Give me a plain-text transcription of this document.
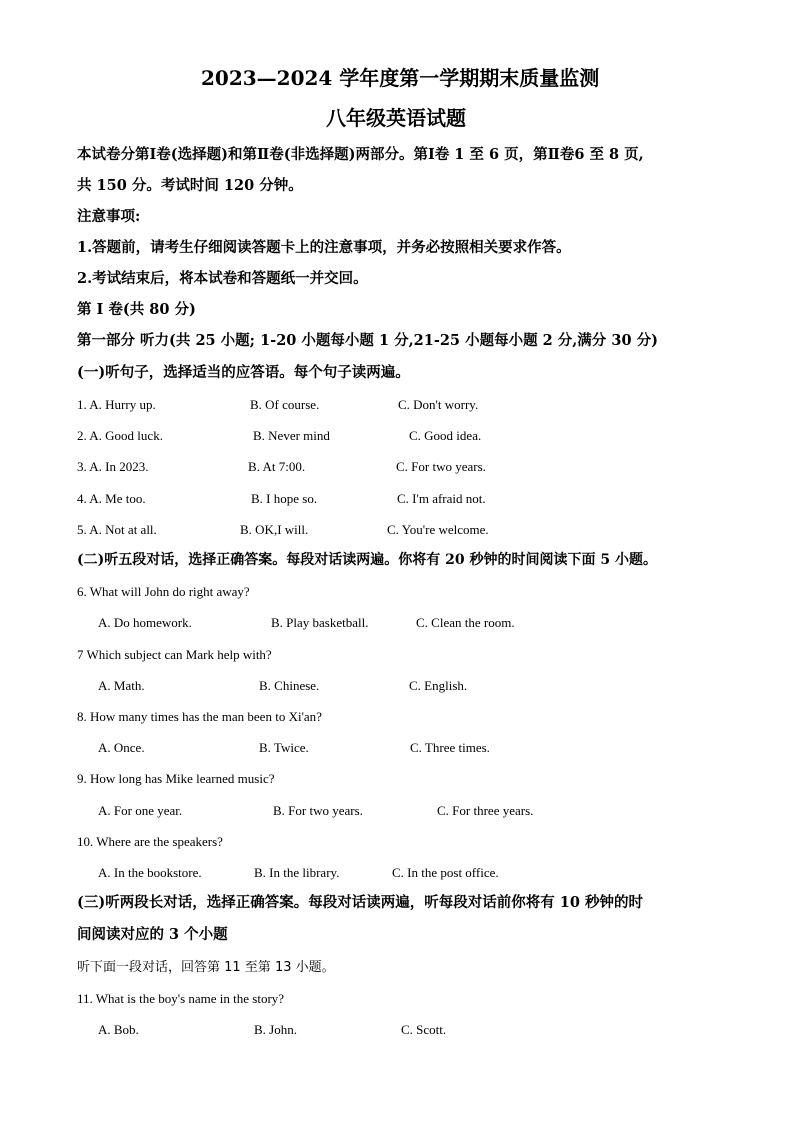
2023—2024 学年度第一学期期末质量监测
八年级英语试题
本试卷分第Ⅰ卷(选择题)和第Ⅱ卷(非选择题)两部分。第Ⅰ卷 1 至 6 页，第Ⅱ卷6 至 8 页,
共 150 分。考试时间 120 分钟。
注意事项:
1.答题前，请考生仔细阅读答题卡上的注意事项，并务必按照相关要求作答。
2.考试结束后，将本试卷和答题纸一并交回。
第 Ⅰ 卷(共 80 分)
第一部分 听力(共 25 小题; 1-20 小题每小题 1 分,21-25 小题每小题 2 分,满分 30 分)
(一)听句子，选择适当的应答语。每个句子读两遍。
1. A. Hurry up.	B. Of course.	C. Don't worry.
2. A. Good luck.	B. Never mind	C. Good idea.
3. A. In 2023.	B. At 7:00.	C. For two years.
4. A. Me too.	B. I hope so.	C. I'm afraid not.
5. A. Not at all.	B. OK,I will.	C. You're welcome.
(二)听五段对话，选择正确答案。每段对话读两遍。你将有 20 秒钟的时间阅读下面 5 小题。
6. What will John do right away?
A. Do homework.	B. Play basketball.	C. Clean the room.
7 Which subject can Mark help with?
A. Math.	B. Chinese.	C. English.
8. How many times has the man been to Xi'an?
A. Once.	B. Twice.	C. Three times.
9. How long has Mike learned music?
A. For one year.	B. For two years.	C. For three years.
10. Where are the speakers?
A. In the bookstore.	B. In the library.	C. In the post office.
(三)听两段长对话，选择正确答案。每段对话读两遍，听每段对话前你将有 10 秒钟的时
间阅读对应的 3 个小题
听下面一段对话，回答第 11 至第 13 小题。
11. What is the boy's name in the story?
A. Bob.	B. John.	C. Scott.
